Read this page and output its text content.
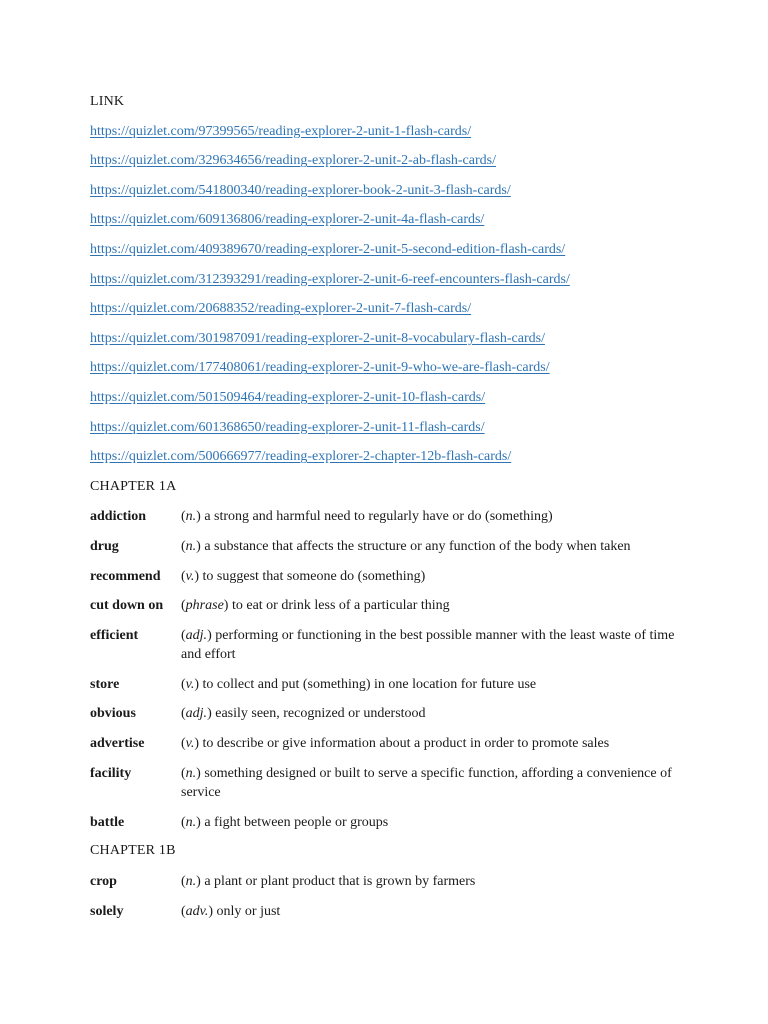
LINK
https://quizlet.com/97399565/reading-explorer-2-unit-1-flash-cards/
https://quizlet.com/329634656/reading-explorer-2-unit-2-ab-flash-cards/
https://quizlet.com/541800340/reading-explorer-book-2-unit-3-flash-cards/
https://quizlet.com/609136806/reading-explorer-2-unit-4a-flash-cards/
https://quizlet.com/409389670/reading-explorer-2-unit-5-second-edition-flash-cards/
https://quizlet.com/312393291/reading-explorer-2-unit-6-reef-encounters-flash-cards/
https://quizlet.com/20688352/reading-explorer-2-unit-7-flash-cards/
https://quizlet.com/301987091/reading-explorer-2-unit-8-vocabulary-flash-cards/
https://quizlet.com/177408061/reading-explorer-2-unit-9-who-we-are-flash-cards/
https://quizlet.com/501509464/reading-explorer-2-unit-10-flash-cards/
https://quizlet.com/601368650/reading-explorer-2-unit-11-flash-cards/
https://quizlet.com/500666977/reading-explorer-2-chapter-12b-flash-cards/
CHAPTER 1A
addiction	(n.) a strong and harmful need to regularly have or do (something)
drug	(n.) a substance that affects the structure or any function of the body when taken
recommend	(v.) to suggest that someone do (something)
cut down on	(phrase) to eat or drink less of a particular thing
efficient	(adj.) performing or functioning in the best possible manner with the least waste of time and effort
store	(v.) to collect and put (something) in one location for future use
obvious	(adj.) easily seen, recognized or understood
advertise	(v.) to describe or give information about a product in order to promote sales
facility	(n.) something designed or built to serve a specific function, affording a convenience of service
battle	(n.) a fight between people or groups
CHAPTER 1B
crop	(n.) a plant or plant product that is grown by farmers
solely	(adv.) only or just
